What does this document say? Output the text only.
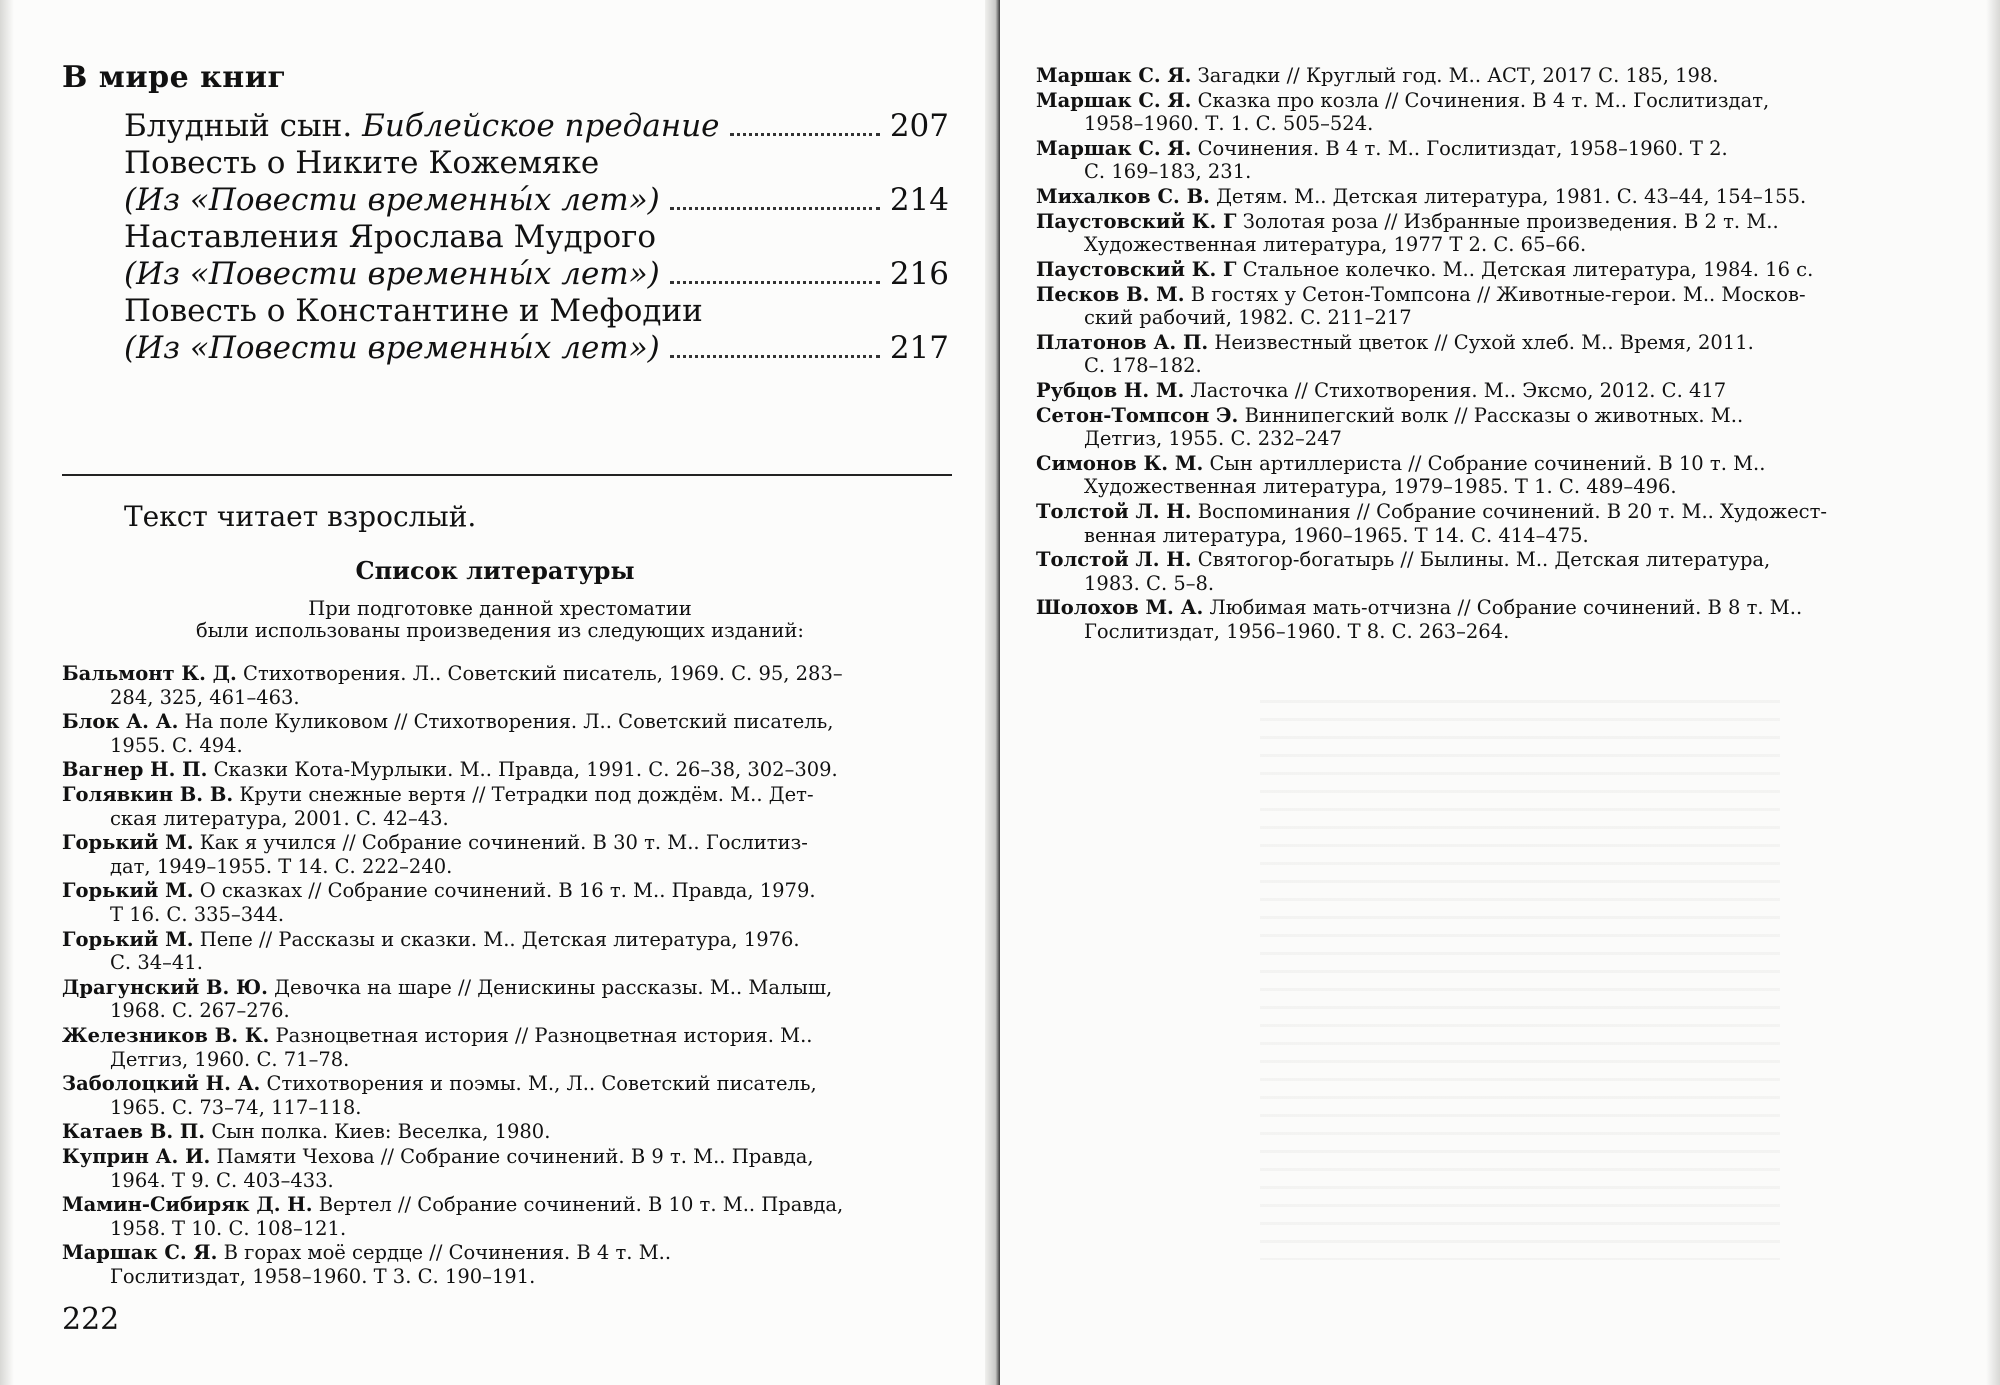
В мире книг
Блудный сын.
Библейское предание	207
Повесть о Никите Кожемяке
(Из «Повести временны́х лет»)	214
Наставления Ярослава Мудрого
(Из «Повести временны́х лет»)	216
Повесть о Константине и Мефодии
(Из «Повести временны́х лет»)	217
Текст читает взрослый.
Список литературы
При подготовке данной хрестоматии
были использованы произведения из следующих изданий:
Бальмонт К. Д. Стихотворения. Л.. Советский писатель, 1969. С. 95, 283–
284, 325, 461–463.
Блок А. А. На поле Куликовом // Стихотворения. Л.. Советский писатель,
1955. С. 494.
Вагнер Н. П. Сказки Кота-Мурлыки. М.. Правда, 1991. С. 26–38, 302–309.
Голявкин В. В. Крути снежные вертя // Тетрадки под дождём. М.. Дет-
ская литература, 2001. С. 42–43.
Горький М. Как я учился // Собрание сочинений. В 30 т. М.. Гослитиз-
дат, 1949–1955. Т 14. С. 222–240.
Горький М. О сказках // Собрание сочинений. В 16 т. М.. Правда, 1979.
Т 16. С. 335–344.
Горький М. Пепе // Рассказы и сказки. М.. Детская литература, 1976.
С. 34–41.
Драгунский В. Ю. Девочка на шаре // Денискины рассказы. М.. Малыш,
1968. С. 267–276.
Железников В. К. Разноцветная история // Разноцветная история. М..
Детгиз, 1960. С. 71–78.
Заболоцкий Н. А. Стихотворения и поэмы. М., Л.. Советский писатель,
1965. С. 73–74, 117–118.
Катаев В. П. Сын полка. Киев: Веселка, 1980.
Куприн А. И. Памяти Чехова // Собрание сочинений. В 9 т. М.. Правда,
1964. Т 9. С. 403–433.
Мамин-Сибиряк Д. Н. Вертел // Собрание сочинений. В 10 т. М.. Правда,
1958. Т 10. С. 108–121.
Маршак С. Я. В горах моё сердце // Сочинения. В 4 т. М..
Гослитиздат, 1958–1960. Т 3. С. 190–191.
222
Маршак С. Я. Загадки // Круглый год. М.. АСТ, 2017 С. 185, 198.
Маршак С. Я. Сказка про козла // Сочинения. В 4 т. М.. Гослитиздат,
1958–1960. Т. 1. С. 505–524.
Маршак С. Я. Сочинения. В 4 т. М.. Гослитиздат, 1958–1960. Т 2.
С. 169–183, 231.
Михалков С. В. Детям. М.. Детская литература, 1981. С. 43–44, 154–155.
Паустовский К. Г Золотая роза // Избранные произведения. В 2 т. М..
Художественная литература, 1977 Т 2. С. 65–66.
Паустовский К. Г Стальное колечко. М.. Детская литература, 1984. 16 с.
Песков В. М. В гостях у Сетон-Томпсона // Животные-герои. М.. Москов-
ский рабочий, 1982. С. 211–217
Платонов А. П. Неизвестный цветок // Сухой хлеб. М.. Время, 2011.
С. 178–182.
Рубцов Н. М. Ласточка // Стихотворения. М.. Эксмо, 2012. С. 417
Сетон-Томпсон Э. Виннипегский волк // Рассказы о животных. М..
Детгиз, 1955. С. 232–247
Симонов К. М. Сын артиллериста // Собрание сочинений. В 10 т. М..
Художественная литература, 1979–1985. Т 1. С. 489–496.
Толстой Л. Н. Воспоминания // Собрание сочинений. В 20 т. М.. Художест-
венная литература, 1960–1965. Т 14. С. 414–475.
Толстой Л. Н. Святогор-богатырь // Былины. М.. Детская литература,
1983. С. 5–8.
Шолохов М. А. Любимая мать-отчизна // Собрание сочинений. В 8 т. М..
Гослитиздат, 1956–1960. Т 8. С. 263–264.
